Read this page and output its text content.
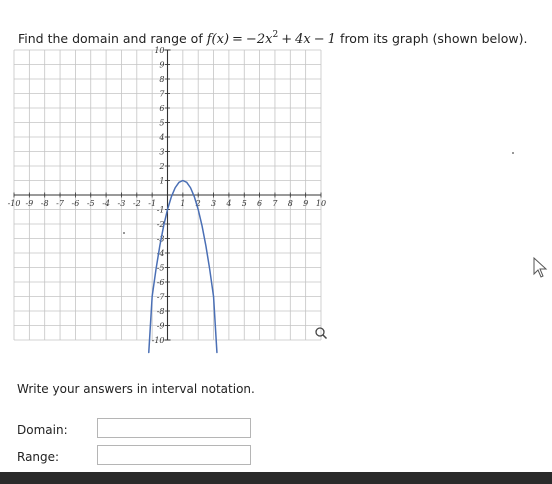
Find the domain and range of $f(x) = -2x^2 + 4x - 1$ from its graph (shown below).
-10 -9 -8 -7 -6 -5 -4 -3 -2 -1	1 2 3 4 5 6 7 8 9 10
10
9
8
7
6
5
4
3
2
1
-1
-2
-3
-4
-5
-6
-7
-8
-9
-10
Write your answers in interval notation.
Domain:
Range:
